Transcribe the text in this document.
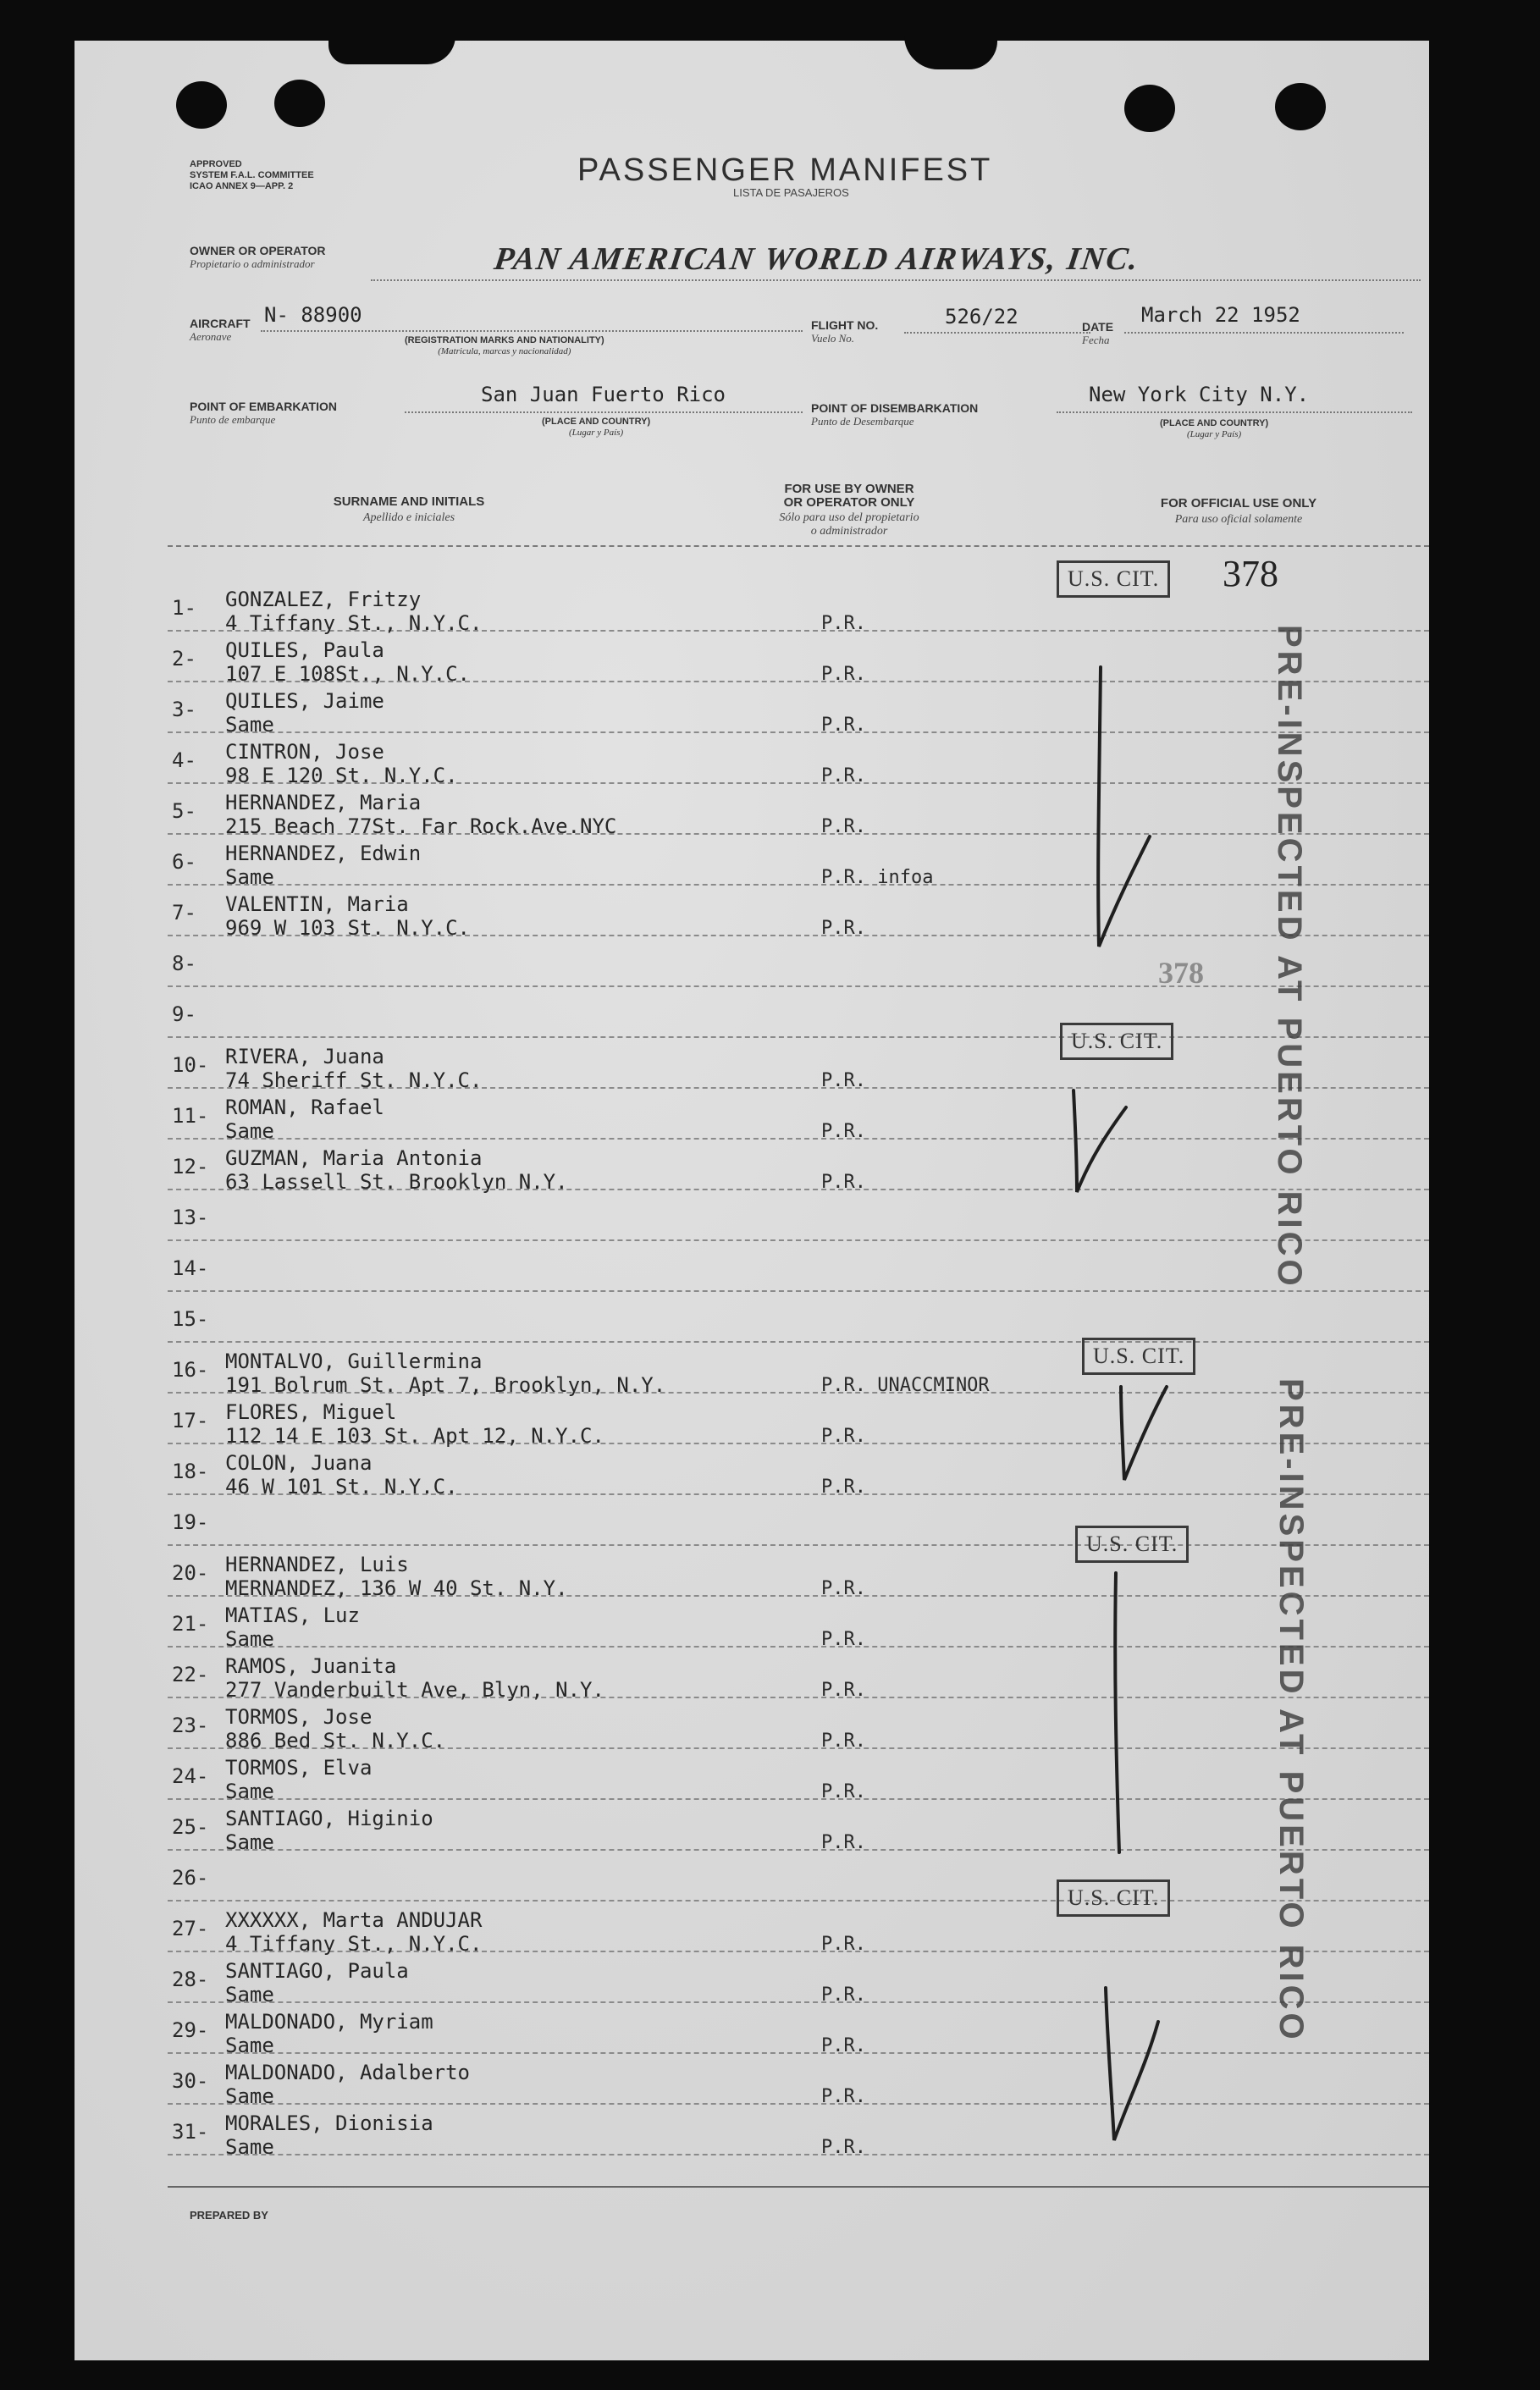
APPROVED
SYSTEM F.A.L. COMMITTEE
ICAO ANNEX 9—APP. 2	PASSENGER MANIFEST
LISTA DE PASAJEROS
OWNER OR OPERATOR
Propietario o administrador	PAN AMERICAN WORLD AIRWAYS, INC.
AIRCRAFT
Aeronave
N- 88900
(REGISTRATION MARKS AND NATIONALITY)
(Matricula, marcas y nacionalidad)
FLIGHT NO.
Vuelo No.
526/22	DATE
Fecha
March 22 1952
POINT OF EMBARKATION
Punto de embarque
San Juan Fuerto Rico
(PLACE AND COUNTRY)
(Lugar y País)
POINT OF DISEMBARKATION
Punto de Desembarque
New York City N.Y.
(PLACE AND COUNTRY)
(Lugar y País)
SURNAME AND INITIALS
Apellido e iniciales
FOR USE BY OWNER
OR OPERATOR ONLY
Sólo para uso del propietario
o administrador
FOR OFFICIAL USE ONLY
Para uso oficial solamente
1- GONZALEZ, Fritzy
4 Tiffany St., N.Y.C.	P.R.
2- QUILES, Paula
107 E 108St., N.Y.C.	P.R.
3- QUILES, Jaime
Same	P.R.
4- CINTRON, Jose
98 E 120 St. N.Y.C.	P.R.
5- HERNANDEZ, Maria
215 Beach 77St. Far Rock.Ave.NYC	P.R.
6- HERNANDEZ, Edwin
Same	P.R. infoa
7- VALENTIN, Maria
969 W 103 St. N.Y.C.	P.R.
8-
9-
10- RIVERA, Juana
74 Sheriff St. N.Y.C.	P.R.
11- ROMAN, Rafael
Same	P.R.
12- GUZMAN, Maria Antonia
63 Lassell St. Brooklyn N.Y.	P.R.
13-
14-
15-
16- MONTALVO, Guillermina
191 Bolrum St. Apt 7, Brooklyn, N.Y.	P.R. UNACCMINOR
17- FLORES, Miguel
112 14 E 103 St. Apt 12, N.Y.C.	P.R.
18- COLON, Juana
46 W 101 St. N.Y.C.	P.R.
19-
20- HERNANDEZ, Luis
MERNANDEZ, 136 W 40 St. N.Y.	P.R.
21- MATIAS, Luz
Same	P.R.
22- RAMOS, Juanita
277 Vanderbuilt Ave, Blyn, N.Y.	P.R.
23- TORMOS, Jose
886 Bed St. N.Y.C.	P.R.
24- TORMOS, Elva
Same	P.R.
25- SANTIAGO, Higinio
Same	P.R.
26-
27- XXXXXX, Marta ANDUJAR
4 Tiffany St., N.Y.C.	P.R.
28- SANTIAGO, Paula
Same	P.R.
29- MALDONADO, Myriam
Same	P.R.
30- MALDONADO, Adalberto
Same	P.R.
31- MORALES, Dionisia
Same	P.R.
U.S. CIT. 378
378
U.S. CIT.
U.S. CIT.
U.S. CIT.
U.S. CIT.
PRE-INSPECTED AT PUERTO RICO
PRE-INSPECTED AT PUERTO RICO
PREPARED BY
